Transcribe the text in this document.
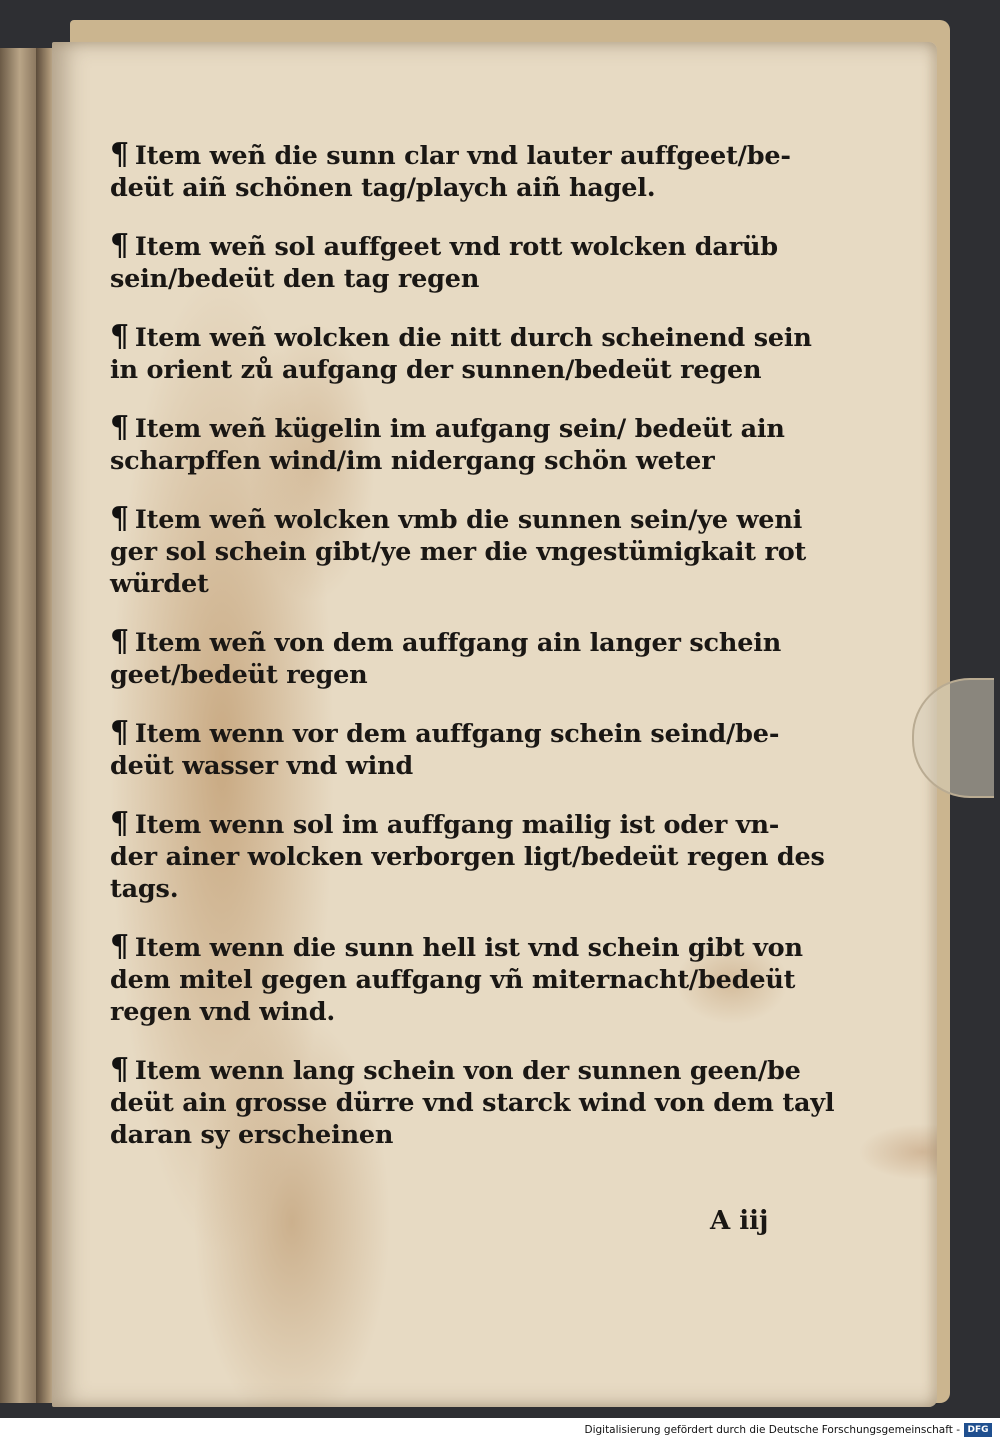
¶ Item weñ die sunn clar vnd lauter auffgeet/be-
deüt aiñ schönen tag/playch aiñ hagel.

¶ Item weñ sol auffgeet vnd rott wolcken darüb
sein/bedeüt den tag regen

¶ Item weñ wolcken die nitt durch scheinend sein
in orient zů aufgang der sunnen/bedeüt regen

¶ Item weñ kügelin im aufgang sein/ bedeüt ain
scharpffen wind/im nidergang schön weter

¶ Item weñ wolcken vmb die sunnen sein/ye weni
ger sol schein gibt/ye mer die vngestümigkait rot
würdet

¶ Item weñ von dem auffgang ain langer schein
geet/bedeüt regen

¶ Item wenn vor dem auffgang schein seind/be-
deüt wasser vnd wind

¶ Item wenn sol im auffgang mailig ist oder vn-
der ainer wolcken verborgen ligt/bedeüt regen des
tags.

¶ Item wenn die sunn hell ist vnd schein gibt von
dem mitel gegen auffgang vñ miternacht/bedeüt
regen vnd wind.

¶ Item wenn lang schein von der sunnen geen/be
deüt ain grosse dürre vnd starck wind von dem tayl
daran sy erscheinen

A iij
Digitalisierung gefördert durch die Deutsche Forschungsgemeinschaft - DFG
